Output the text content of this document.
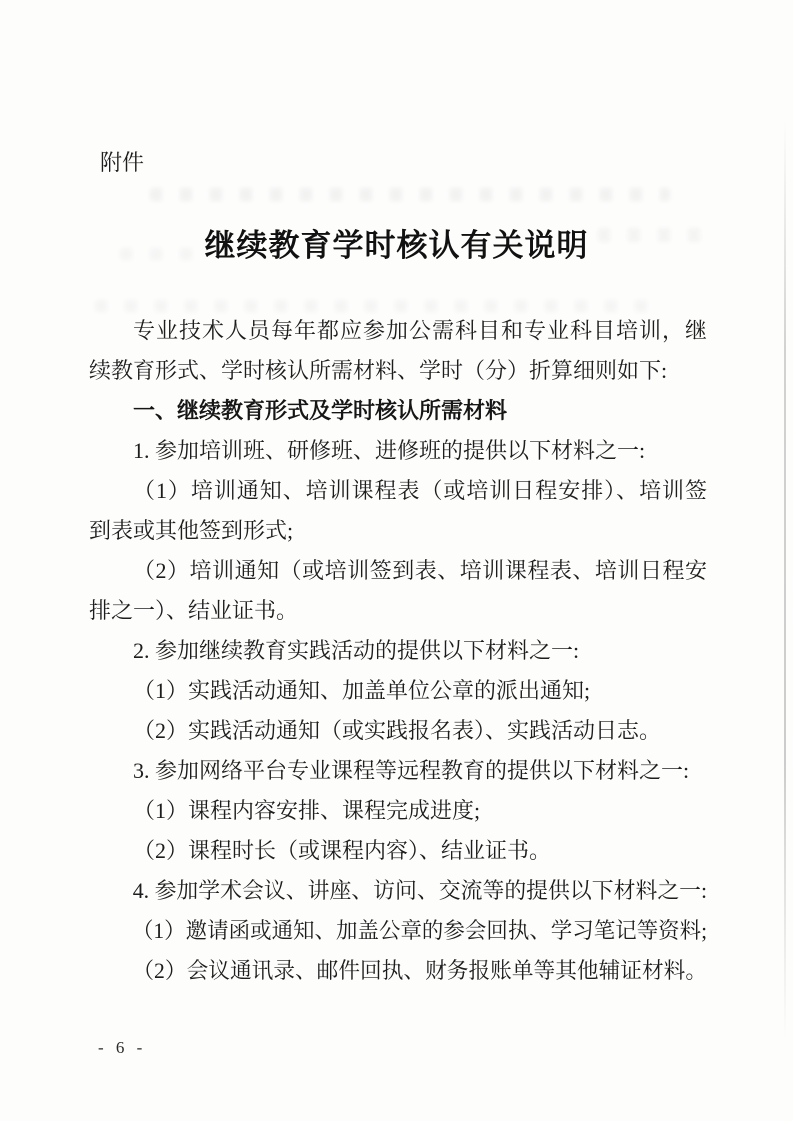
附件
继续教育学时核认有关说明
专业技术人员每年都应参加公需科目和专业科目培训，继
续教育形式、学时核认所需材料、学时（分）折算细则如下:
一、继续教育形式及学时核认所需材料
1. 参加培训班、研修班、进修班的提供以下材料之一:
（1）培训通知、培训课程表（或培训日程安排）、培训签
到表或其他签到形式;
（2）培训通知（或培训签到表、培训课程表、培训日程安
排之一）、结业证书。
2. 参加继续教育实践活动的提供以下材料之一:
（1）实践活动通知、加盖单位公章的派出通知;
（2）实践活动通知（或实践报名表）、实践活动日志。
3. 参加网络平台专业课程等远程教育的提供以下材料之一:
（1）课程内容安排、课程完成进度;
（2）课程时长（或课程内容）、结业证书。
4. 参加学术会议、讲座、访问、交流等的提供以下材料之一:
（1）邀请函或通知、加盖公章的参会回执、学习笔记等资料;
（2）会议通讯录、邮件回执、财务报账单等其他辅证材料。
- 6 -
